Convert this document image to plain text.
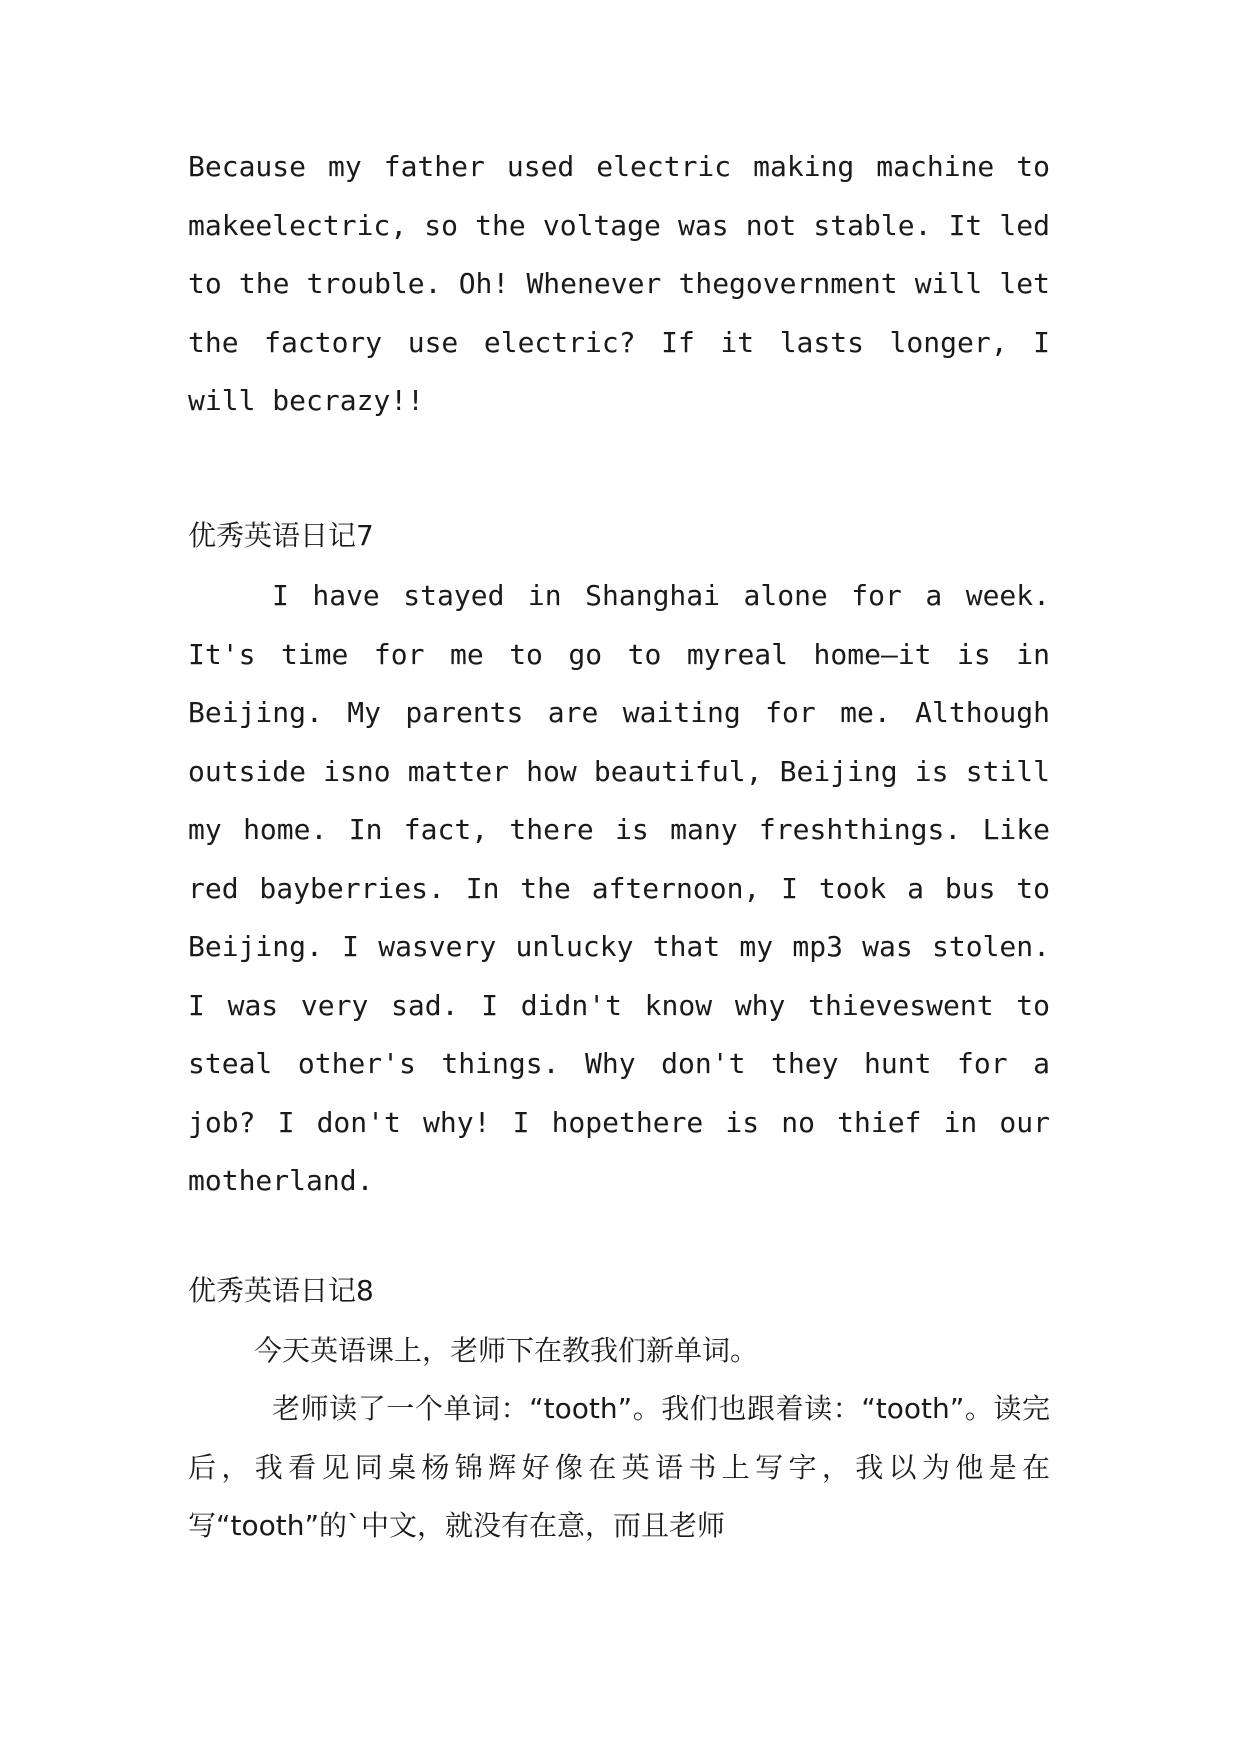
Because my father used electric making machine to makeelectric, so the voltage was not stable. It led to the trouble. Oh! Whenever thegovernment will let the factory use electric? If it lasts longer, I will becrazy!!

优秀英语日记7

I have stayed in Shanghai alone for a week. It's time for me to go to myreal home—it is in Beijing. My parents are waiting for me. Although outside isno matter how beautiful, Beijing is still my home. In fact, there is many freshthings. Like red bayberries. In the afternoon, I took a bus to Beijing. I wasvery unlucky that my mp3 was stolen. I was very sad. I didn't know why thieveswent to steal other's things. Why don't they hunt for a job? I don't why! I hopethere is no thief in our motherland.

优秀英语日记8

今天英语课上，老师下在教我们新单词。

老师读了一个单词：“tooth”。我们也跟着读：“tooth”。读完后，我看见同桌杨锦辉好像在英语书上写字，我以为他是在写“tooth”的`中文，就没有在意，而且老师
